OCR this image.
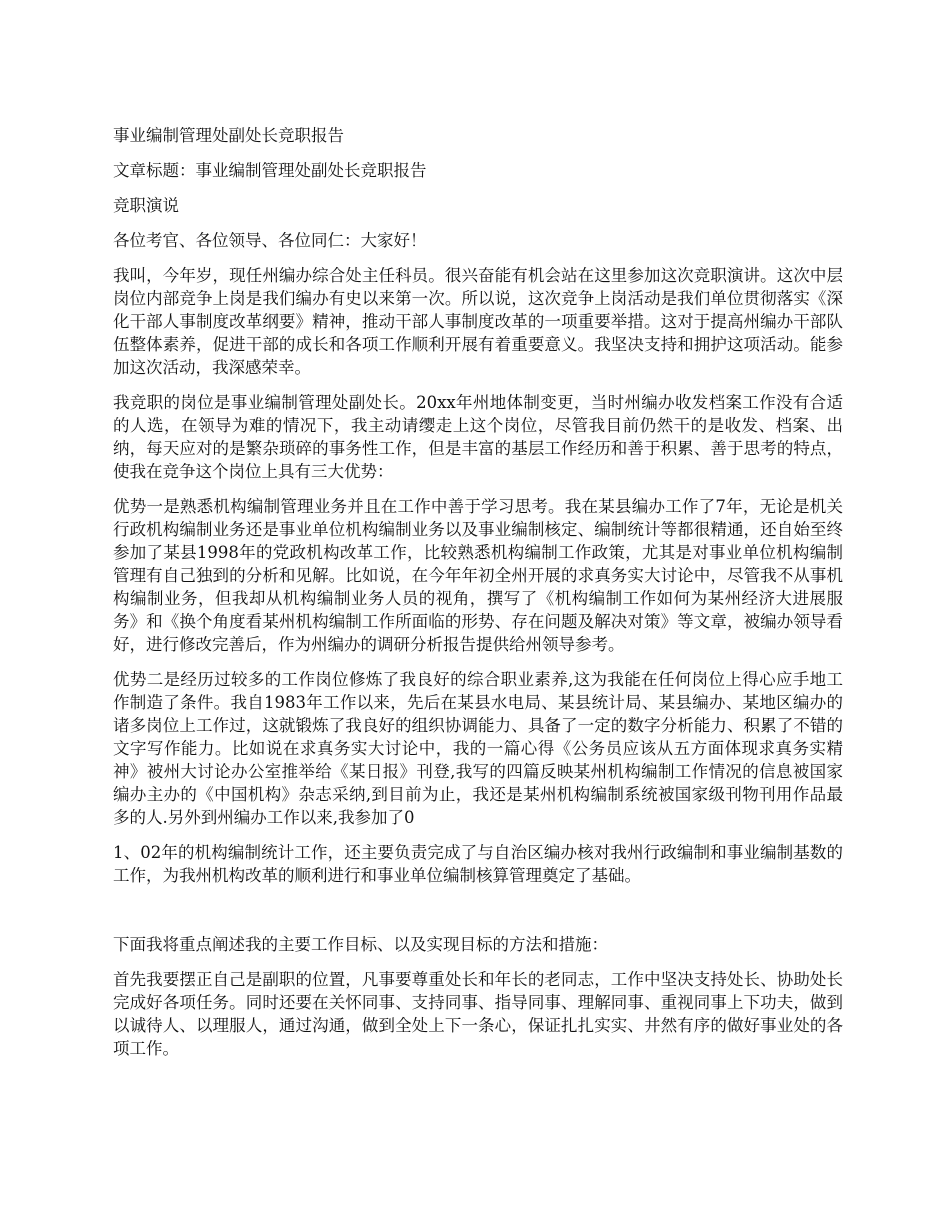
事业编制管理处副处长竞职报告

文章标题：事业编制管理处副处长竞职报告

竞职演说

各位考官、各位领导、各位同仁：大家好！

我叫，今年岁，现任州编办综合处主任科员。很兴奋能有机会站在这里参加这次竞职演讲。这次中层岗位内部竞争上岗是我们编办有史以来第一次。所以说，这次竞争上岗活动是我们单位贯彻落实《深化干部人事制度改革纲要》精神，推动干部人事制度改革的一项重要举措。这对于提高州编办干部队伍整体素养，促进干部的成长和各项工作顺利开展有着重要意义。我坚决支持和拥护这项活动。能参加这次活动，我深感荣幸。

我竞职的岗位是事业编制管理处副处长。20xx年州地体制变更，当时州编办收发档案工作没有合适的人选，在领导为难的情况下，我主动请缨走上这个岗位，尽管我目前仍然干的是收发、档案、出纳，每天应对的是繁杂琐碎的事务性工作，但是丰富的基层工作经历和善于积累、善于思考的特点，使我在竞争这个岗位上具有三大优势：

优势一是熟悉机构编制管理业务并且在工作中善于学习思考。我在某县编办工作了7年，无论是机关行政机构编制业务还是事业单位机构编制业务以及事业编制核定、编制统计等都很精通，还自始至终参加了某县1998年的党政机构改革工作，比较熟悉机构编制工作政策，尤其是对事业单位机构编制管理有自己独到的分析和见解。比如说，在今年年初全州开展的求真务实大讨论中，尽管我不从事机构编制业务，但我却从机构编制业务人员的视角，撰写了《机构编制工作如何为某州经济大进展服务》和《换个角度看某州机构编制工作所面临的形势、存在问题及解决对策》等文章，被编办领导看好，进行修改完善后，作为州编办的调研分析报告提供给州领导参考。

优势二是经历过较多的工作岗位修炼了我良好的综合职业素养,这为我能在任何岗位上得心应手地工作制造了条件。我自1983年工作以来，先后在某县水电局、某县统计局、某县编办、某地区编办的诸多岗位上工作过，这就锻炼了我良好的组织协调能力、具备了一定的数字分析能力、积累了不错的文字写作能力。比如说在求真务实大讨论中，我的一篇心得《公务员应该从五方面体现求真务实精神》被州大讨论办公室推举给《某日报》刊登,我写的四篇反映某州机构编制工作情况的信息被国家编办主办的《中国机构》杂志采纳,到目前为止，我还是某州机构编制系统被国家级刊物刊用作品最多的人.另外到州编办工作以来,我参加了0

1、02年的机构编制统计工作，还主要负责完成了与自治区编办核对我州行政编制和事业编制基数的工作，为我州机构改革的顺利进行和事业单位编制核算管理奠定了基础。

下面我将重点阐述我的主要工作目标、以及实现目标的方法和措施：

首先我要摆正自己是副职的位置，凡事要尊重处长和年长的老同志，工作中坚决支持处长、协助处长完成好各项任务。同时还要在关怀同事、支持同事、指导同事、理解同事、重视同事上下功夫，做到以诚待人、以理服人，通过沟通，做到全处上下一条心，保证扎扎实实、井然有序的做好事业处的各项工作。
